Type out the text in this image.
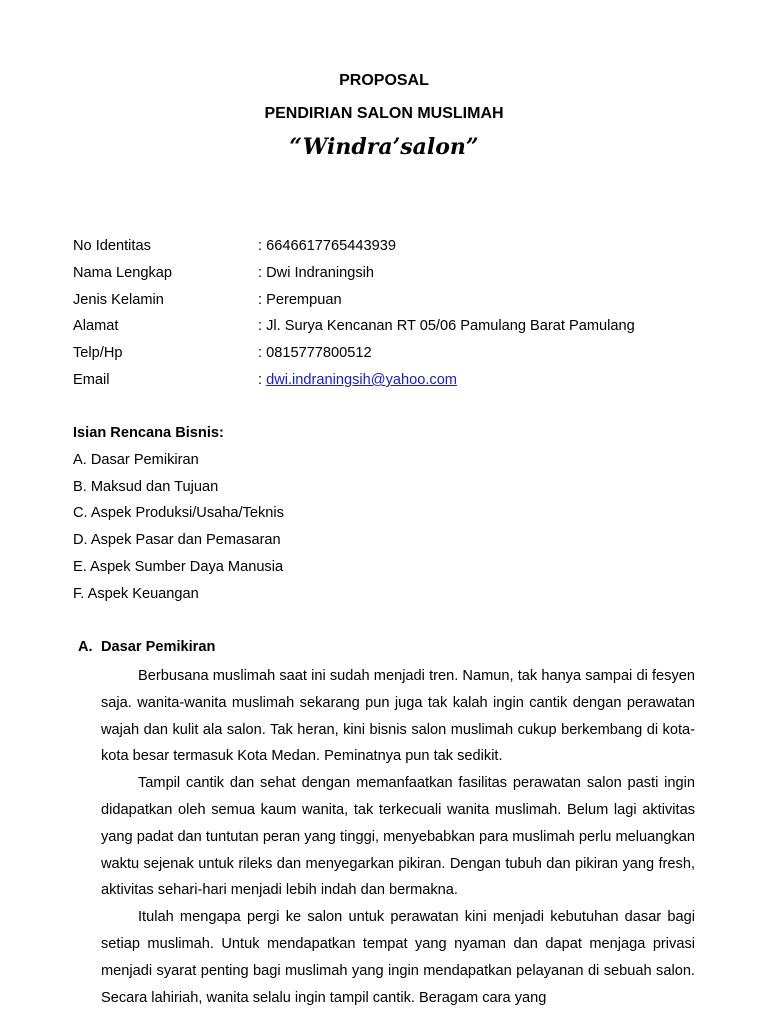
PROPOSAL
PENDIRIAN SALON MUSLIMAH
“Windra’salon”
No Identitas	: 6646617765443939
Nama Lengkap	: Dwi Indraningsih
Jenis Kelamin	: Perempuan
Alamat	: Jl. Surya Kencanan RT 05/06 Pamulang Barat Pamulang
Telp/Hp	: 0815777800512
Email	: dwi.indraningsih@yahoo.com
Isian Rencana Bisnis:
A. Dasar Pemikiran
B. Maksud dan Tujuan
C. Aspek Produksi/Usaha/Teknis
D. Aspek Pasar dan Pemasaran
E. Aspek Sumber Daya Manusia
F. Aspek Keuangan
A. Dasar Pemikiran

Berbusana muslimah saat ini sudah menjadi tren. Namun, tak hanya sampai di fesyen saja. wanita-wanita muslimah sekarang pun juga tak kalah ingin cantik dengan perawatan wajah dan kulit ala salon. Tak heran, kini bisnis salon muslimah cukup berkembang di kota-kota besar termasuk Kota Medan. Peminatnya pun tak sedikit.

Tampil cantik dan sehat dengan memanfaatkan fasilitas perawatan salon pasti ingin didapatkan oleh semua kaum wanita, tak terkecuali wanita muslimah. Belum lagi aktivitas yang padat dan tuntutan peran yang tinggi, menyebabkan para muslimah perlu meluangkan waktu sejenak untuk rileks dan menyegarkan pikiran. Dengan tubuh dan pikiran yang fresh, aktivitas sehari-hari menjadi lebih indah dan bermakna.

Itulah mengapa pergi ke salon untuk perawatan kini menjadi kebutuhan dasar bagi setiap muslimah. Untuk mendapatkan tempat yang nyaman dan dapat menjaga privasi menjadi syarat penting bagi muslimah yang ingin mendapatkan pelayanan di sebuah salon. Secara lahiriah, wanita selalu ingin tampil cantik. Beragam cara yang
